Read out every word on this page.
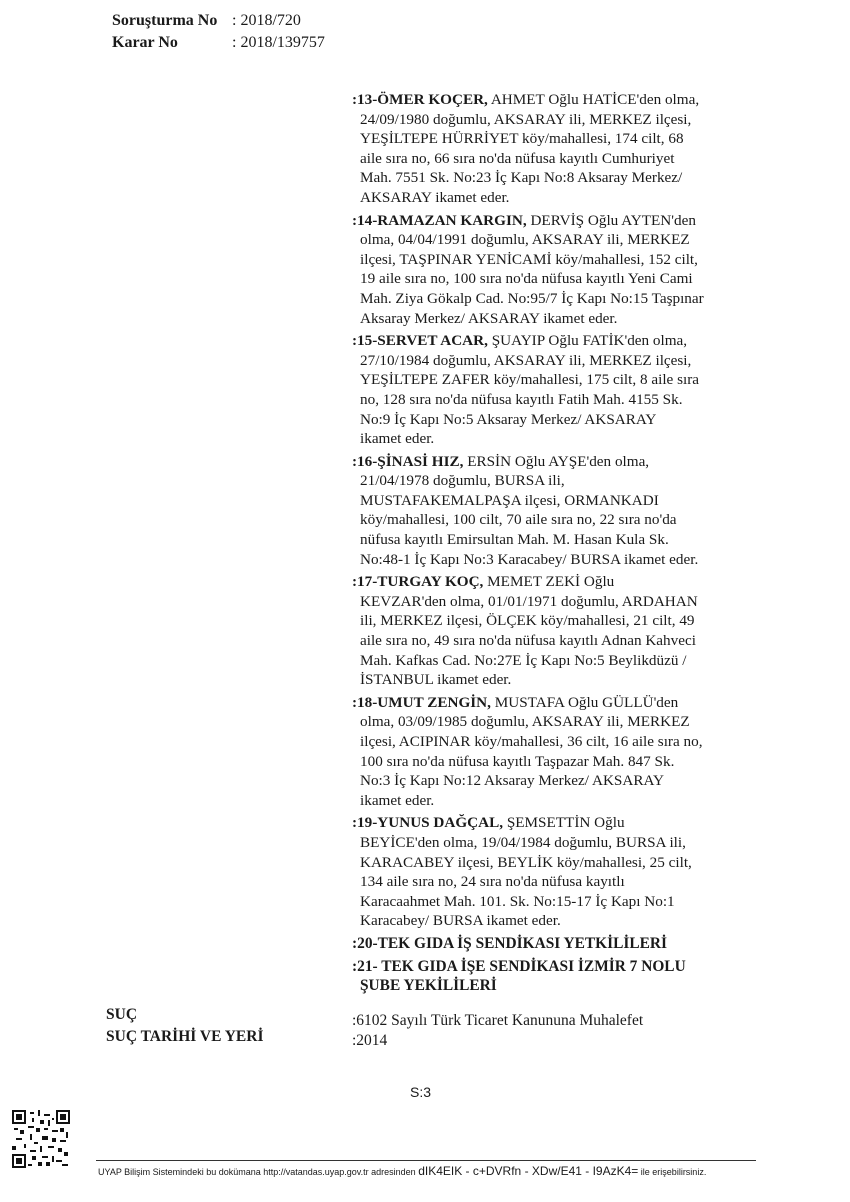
Soruşturma No : 2018/720
Karar No	: 2018/139757
:13-ÖMER KOÇER, AHMET Oğlu HATİCE'den olma,
24/09/1980 doğumlu, AKSARAY ili, MERKEZ ilçesi,
YEŞİLTEPE HÜRRİYET köy/mahallesi, 174 cilt, 68
aile sıra no, 66 sıra no'da nüfusa kayıtlı Cumhuriyet
Mah. 7551 Sk. No:23 İç Kapı No:8 Aksaray Merkez/
AKSARAY ikamet eder.
:14-RAMAZAN KARGIN, DERVİŞ Oğlu AYTEN'den
olma, 04/04/1991 doğumlu, AKSARAY ili, MERKEZ
ilçesi, TAŞPINAR YENİCAMİ köy/mahallesi, 152 cilt,
19 aile sıra no, 100 sıra no'da nüfusa kayıtlı Yeni Cami
Mah. Ziya Gökalp Cad. No:95/7 İç Kapı No:15 Taşpınar
Aksaray Merkez/ AKSARAY ikamet eder.
:15-SERVET ACAR, ŞUAYIP Oğlu FATİK'den olma,
27/10/1984 doğumlu, AKSARAY ili, MERKEZ ilçesi,
YEŞİLTEPE ZAFER köy/mahallesi, 175 cilt, 8 aile sıra
no, 128 sıra no'da nüfusa kayıtlı Fatih Mah. 4155 Sk.
No:9 İç Kapı No:5 Aksaray Merkez/ AKSARAY
ikamet eder.
:16-ŞİNASİ HIZ, ERSİN Oğlu AYŞE'den olma,
21/04/1978 doğumlu, BURSA ili,
MUSTAFAKEMALPAŞA ilçesi, ORMANKADI
köy/mahallesi, 100 cilt, 70 aile sıra no, 22 sıra no'da
nüfusa kayıtlı Emirsultan Mah. M. Hasan Kula Sk.
No:48-1 İç Kapı No:3 Karacabey/ BURSA ikamet eder.
:17-TURGAY KOÇ, MEMET ZEKİ Oğlu
KEVZAR'den olma, 01/01/1971 doğumlu, ARDAHAN
ili, MERKEZ ilçesi, ÖLÇEK köy/mahallesi, 21 cilt, 49
aile sıra no, 49 sıra no'da nüfusa kayıtlı Adnan Kahveci
Mah. Kafkas Cad. No:27E İç Kapı No:5 Beylikdüzü /
İSTANBUL ikamet eder.
:18-UMUT ZENGİN, MUSTAFA Oğlu GÜLLÜ'den
olma, 03/09/1985 doğumlu, AKSARAY ili, MERKEZ
ilçesi, ACIPINAR köy/mahallesi, 36 cilt, 16 aile sıra no,
100 sıra no'da nüfusa kayıtlı Taşpazar Mah. 847 Sk.
No:3 İç Kapı No:12 Aksaray Merkez/ AKSARAY
ikamet eder.
:19-YUNUS DAĞÇAL, ŞEMSETTİN Oğlu
BEYİCE'den olma, 19/04/1984 doğumlu, BURSA ili,
KARACABEY ilçesi, BEYLİK köy/mahallesi, 25 cilt,
134 aile sıra no, 24 sıra no'da nüfusa kayıtlı
Karacaahmet Mah. 101. Sk. No:15-17 İç Kapı No:1
Karacabey/ BURSA ikamet eder.
:20-TEK GIDA İŞ SENDİKASI YETKİLİLERİ
:21- TEK GIDA İŞE SENDİKASI İZMİR 7 NOLU
ŞUBE YEKİLİLERİ
SUÇ	:6102 Sayılı Türk Ticaret Kanununa Muhalefet
SUÇ TARİHİ VE YERİ	:2014
S:3
UYAP Bilişim Sistemindeki bu dokümana http://vatandas.uyap.gov.tr adresinden dIK4EIK - c+DVRfn - XDw/E41 - I9AzK4= ile erişebilirsiniz.
